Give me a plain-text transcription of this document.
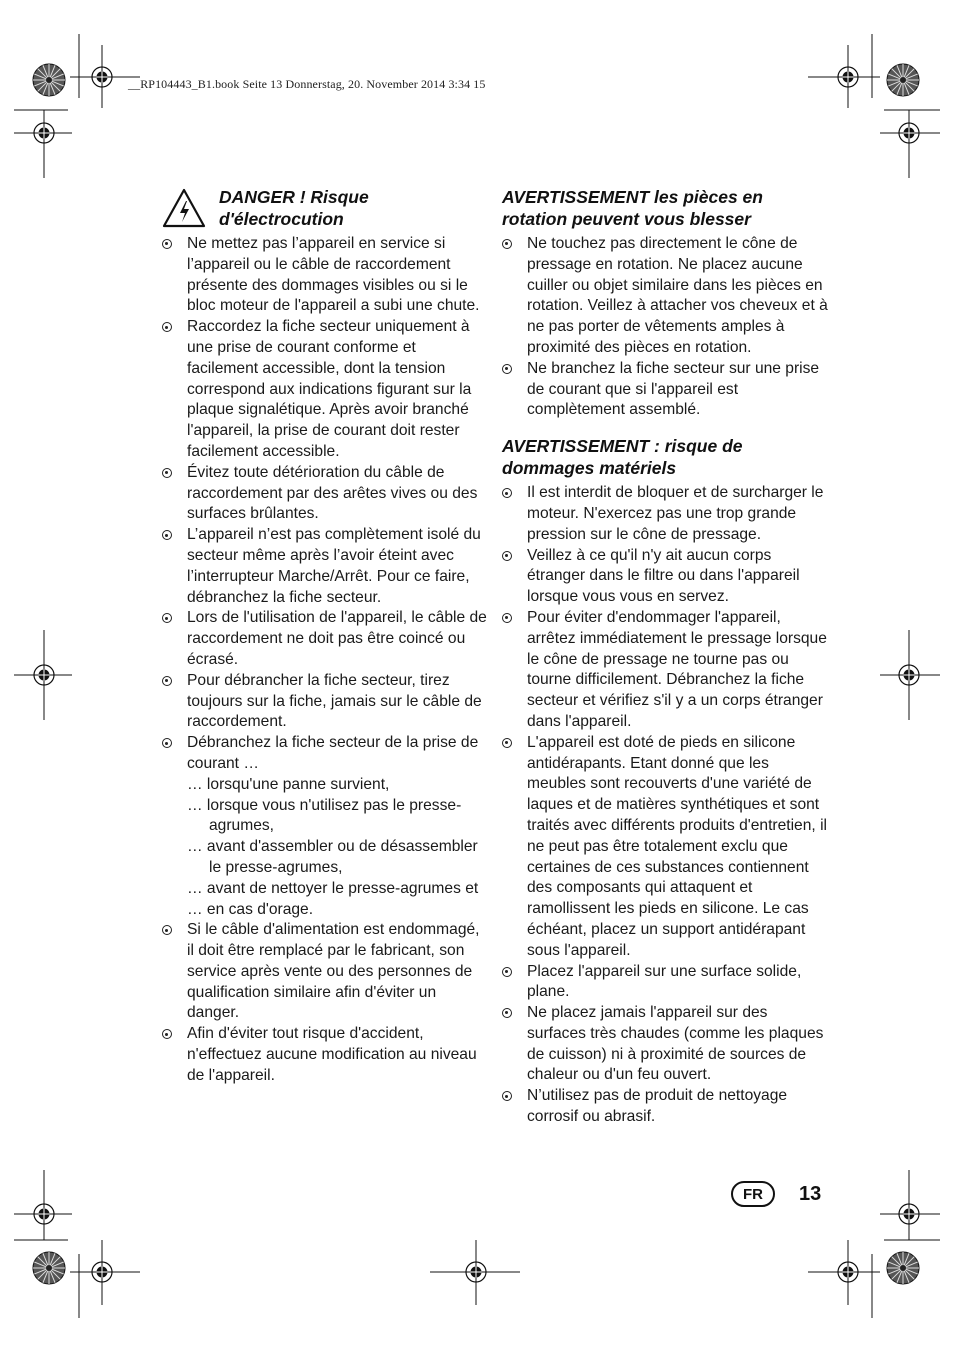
__RP104443_B1.book Seite 13 Donnerstag, 20. November 2014 3:34 15
DANGER ! Risque d'électrocution
Ne mettez pas l’appareil en service si l’appareil ou le câble de raccordement présente des dommages visibles ou si le bloc moteur de l'appareil a subi une chute.
Raccordez la fiche secteur uniquement à une prise de courant conforme et facilement accessible, dont la tension correspond aux indications figurant sur la plaque signalétique. Après avoir branché l'appareil, la prise de courant doit rester facilement accessible.
Évitez toute détérioration du câble de raccordement par des arêtes vives ou des surfaces brûlantes.
L’appareil n’est pas complètement isolé du secteur même après l’avoir éteint avec l’interrupteur Marche/Arrêt. Pour ce faire, débranchez la fiche secteur.
Lors de l'utilisation de l'appareil, le câble de raccordement ne doit pas être coincé ou écrasé.
Pour débrancher la fiche secteur, tirez toujours sur la fiche, jamais sur le câble de raccordement.
Débranchez la fiche secteur de la prise de courant …
… lorsqu'une panne survient,
… lorsque vous n'utilisez pas le presse-agrumes,
… avant d'assembler ou de désassembler le presse-agrumes,
… avant de nettoyer le presse-agrumes et
… en cas d'orage.
Si le câble d'alimentation est endommagé, il doit être remplacé par le fabricant, son service après vente ou des personnes de qualification similaire afin d'éviter un danger.
Afin d'éviter tout risque d'accident, n'effectuez aucune modification au niveau de l'appareil.
AVERTISSEMENT les pièces en rotation peuvent vous blesser
Ne touchez pas directement le cône de pressage en rotation. Ne placez aucune cuiller ou objet similaire dans les pièces en rotation. Veillez à attacher vos cheveux et à ne pas porter de vêtements amples à proximité des pièces en rotation.
Ne branchez la fiche secteur sur une prise de courant que si l'appareil est complètement assemblé.
AVERTISSEMENT : risque de dommages matériels
Il est interdit de bloquer et de surcharger le moteur. N'exercez pas une trop grande pression sur le cône de pressage.
Veillez à ce qu'il n'y ait aucun corps étranger dans le filtre ou dans l'appareil lorsque vous vous en servez.
Pour éviter d'endommager l'appareil, arrêtez immédiatement le pressage lorsque le cône de pressage ne tourne pas ou tourne difficilement. Débranchez la fiche secteur et vérifiez s'il y a un corps étranger dans l'appareil.
L'appareil est doté de pieds en silicone antidérapants. Etant donné que les meubles sont recouverts d'une variété de laques et de matières synthétiques et sont traités avec différents produits d'entretien, il ne peut pas être totalement exclu que certaines de ces substances contiennent des composants qui attaquent et ramollissent les pieds en silicone. Le cas échéant, placez un support antidérapant sous l'appareil.
Placez l'appareil sur une surface solide, plane.
Ne placez jamais l'appareil sur des surfaces très chaudes (comme les plaques de cuisson) ni à proximité de sources de chaleur ou d'un feu ouvert.
N’utilisez pas de produit de nettoyage corrosif ou abrasif.
FR	13
